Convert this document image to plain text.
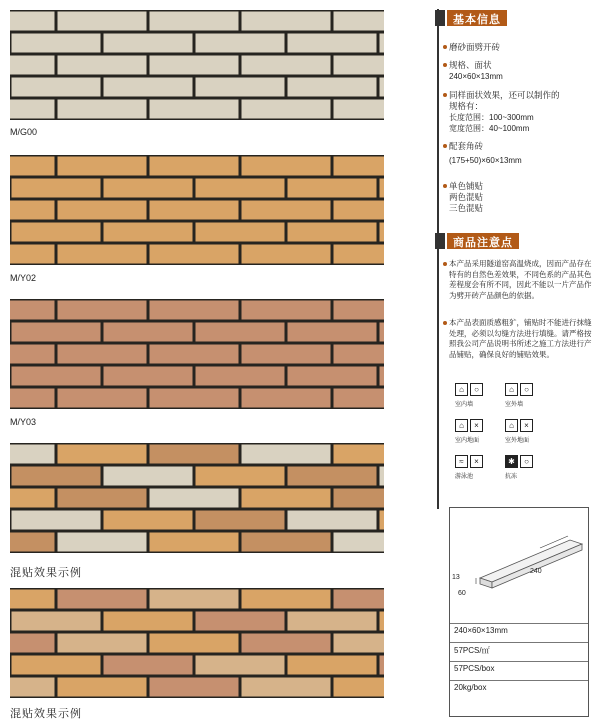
M/G00
M/Y02
M/Y03
混贴效果示例
混贴效果示例
基本信息
磨砂面劈开砖
规格、面状
240×60×13mm
同样面状效果，还可以制作的
规格有：
长度范围：100~300mm
宽度范围：40~100mm
配套角砖
(175+50)×60×13mm
单色铺贴
两色混贴
三色混贴
商品注意点
本产品采用隧道窑高温烧成，因而产品存在特有的自然色差效果，不同色系的产品其色差程度会有所不同，因此不能以一片产品作为劈开砖产品颜色的依据。
本产品表面质感粗犷，铺贴时不能进行抹缝处理，必须以勾缝方法进行填缝。请严格按照我公司产品说明书所述之施工方法进行产品铺贴，确保良好的铺贴效果。
⌂	○
室内墙
⌂	○
室外墙
⌂	×
室内地面
⌂	×
室外地面
≈	×
游泳池
✱	○
抗冻
13
60
240
240×60×13mm
57PCS/㎡
57PCS/box
20kg/box
